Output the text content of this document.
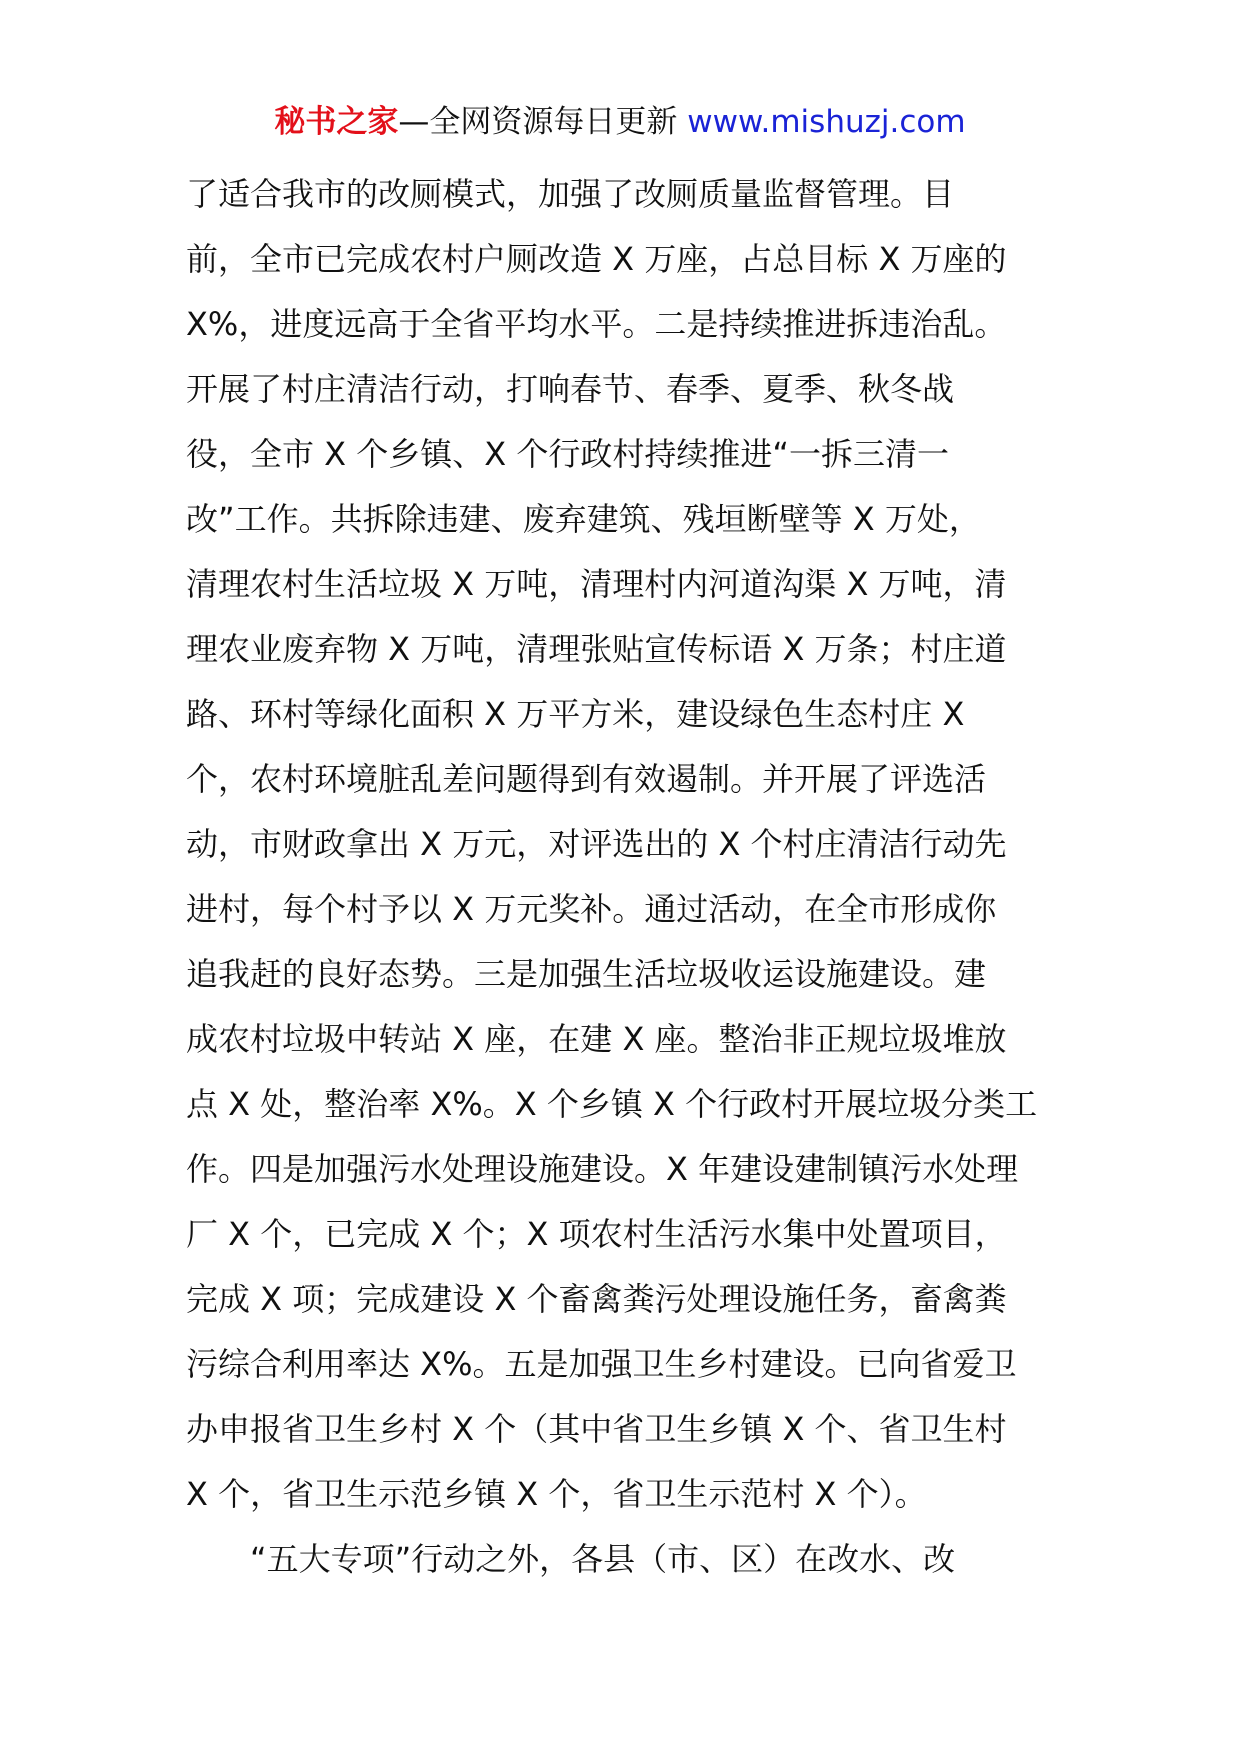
秘书之家—全网资源每日更新 www.mishuzj.com
了适合我市的改厕模式，加强了改厕质量监督管理。目
前，全市已完成农村户厕改造 X 万座，占总目标 X 万座的
X%，进度远高于全省平均水平。二是持续推进拆违治乱。
开展了村庄清洁行动，打响春节、春季、夏季、秋冬战
役，全市 X 个乡镇、X 个行政村持续推进“一拆三清一
改”工作。共拆除违建、废弃建筑、残垣断壁等 X 万处，
清理农村生活垃圾 X 万吨，清理村内河道沟渠 X 万吨，清
理农业废弃物 X 万吨，清理张贴宣传标语 X 万条；村庄道
路、环村等绿化面积 X 万平方米，建设绿色生态村庄 X
个，农村环境脏乱差问题得到有效遏制。并开展了评选活
动，市财政拿出 X 万元，对评选出的 X 个村庄清洁行动先
进村，每个村予以 X 万元奖补。通过活动，在全市形成你
追我赶的良好态势。三是加强生活垃圾收运设施建设。建
成农村垃圾中转站 X 座，在建 X 座。整治非正规垃圾堆放
点 X 处，整治率 X%。X 个乡镇 X 个行政村开展垃圾分类工
作。四是加强污水处理设施建设。X 年建设建制镇污水处理
厂 X 个，已完成 X 个；X 项农村生活污水集中处置项目，
完成 X 项；完成建设 X 个畜禽粪污处理设施任务，畜禽粪
污综合利用率达 X%。五是加强卫生乡村建设。已向省爱卫
办申报省卫生乡村 X 个（其中省卫生乡镇 X 个、省卫生村
X 个，省卫生示范乡镇 X 个，省卫生示范村 X 个）。
“五大专项”行动之外，各县（市、区）在改水、改
